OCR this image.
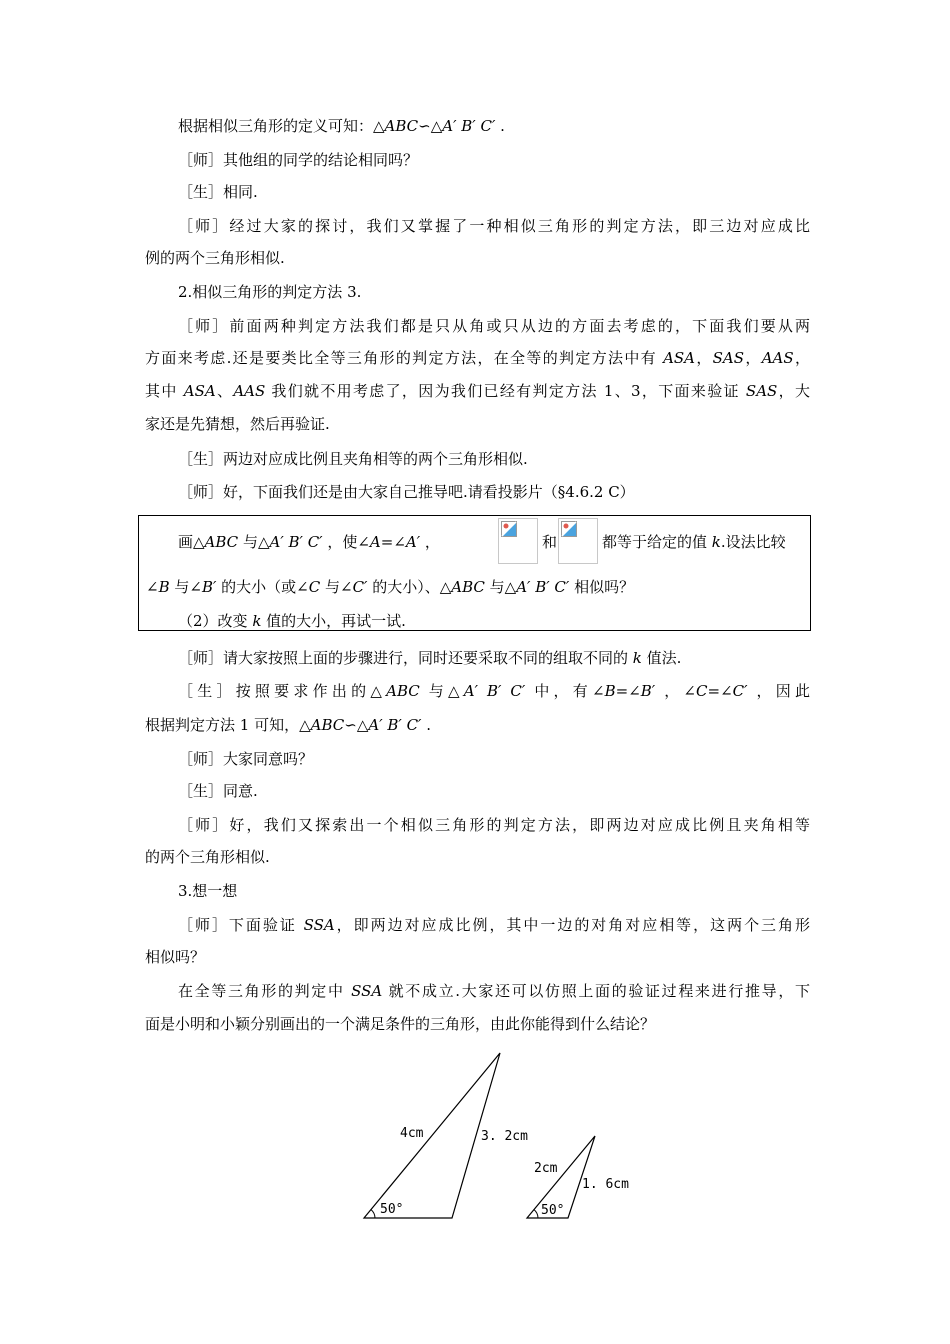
根据相似三角形的定义可知：△ABC∽△A′ B′ C′ .
［师］其他组的同学的结论相同吗？
［生］相同.
［师］经过大家的探讨，我们又掌握了一种相似三角形的判定方法，即三边对应成比
例的两个三角形相似.
2.相似三角形的判定方法 3.
［师］前面两种判定方法我们都是只从角或只从边的方面去考虑的，下面我们要从两
方面来考虑.还是要类比全等三角形的判定方法，在全等的判定方法中有 ASA，SAS，AAS，
其中 ASA、AAS 我们就不用考虑了，因为我们已经有判定方法 1、3，下面来验证 SAS，大
家还是先猜想，然后再验证.
［生］两边对应成比例且夹角相等的两个三角形相似.
［师］好，下面我们还是由大家自己推导吧.请看投影片（§4.6.2 C）
画△ABC 与△A′ B′ C′ ，使∠A=∠A′ ，	和	都等于给定的值 k.设法比较
∠B 与∠B′ 的大小（或∠C 与∠C′ 的大小）、△ABC 与△A′ B′ C′ 相似吗？
（2）改变 k 值的大小，再试一试.
［师］请大家按照上面的步骤进行，同时还要采取不同的组取不同的 k 值法.
［生］按照要求作出的△ABC 与△A′ B′ C′ 中，有∠B=∠B′ ，∠C=∠C′ ，因此
根据判定方法 1 可知，△ABC∽△A′ B′ C′ .
［师］大家同意吗？
［生］同意.
［师］好，我们又探索出一个相似三角形的判定方法，即两边对应成比例且夹角相等
的两个三角形相似.
3.想一想
［师］下面验证 SSA，即两边对应成比例，其中一边的对角对应相等，这两个三角形
相似吗？
在全等三角形的判定中 SSA 就不成立.大家还可以仿照上面的验证过程来进行推导，下
面是小明和小颖分别画出的一个满足条件的三角形，由此你能得到什么结论？
4cm	3. 2cm
50°
2cm
1. 6cm
50°
